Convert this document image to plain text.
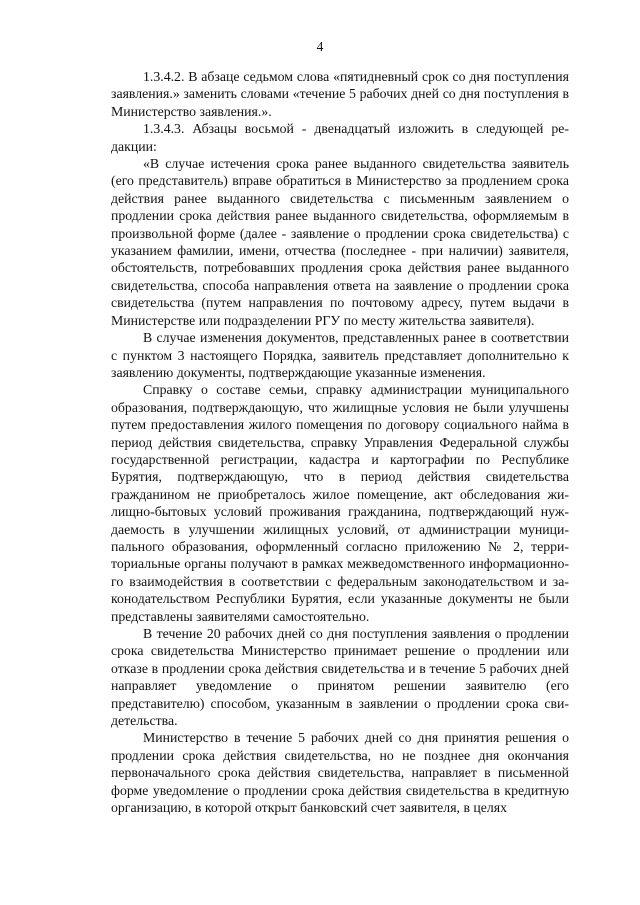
4

1.3.4.2. В абзаце седьмом слова «пятидневный срок со дня поступления заявления.» заменить словами «течение 5 рабочих дней со дня поступления в Министерство заявления.».

1.3.4.3. Абзацы восьмой - двенадцатый изложить в следующей редакции:

«В случае истечения срока ранее выданного свидетельства заявитель (его представитель) вправе обратиться в Министерство за продлением срока действия ранее выданного свидетельства с письменным заявлением о продлении срока действия ранее выданного свидетельства, оформляемым в произвольной форме (далее - заявление о продлении срока свидетельства) с указанием фамилии, имени, отчества (последнее - при наличии) заявителя, обстоятельств, потребовавших продления срока действия ранее выданного свидетельства, способа направления ответа на заявление о продлении срока свидетельства (путем направления по почтовому адресу, путем выдачи в Министерстве или подразделении РГУ по месту жительства заявителя).

В случае изменения документов, представленных ранее в соответствии с пунктом 3 настоящего Порядка, заявитель представляет дополнительно к заявлению документы, подтверждающие указанные изменения.

Справку о составе семьи, справку администрации муниципального образования, подтверждающую, что жилищные условия не были улучшены путем предоставления жилого помещения по договору социального найма в период действия свидетельства, справку Управления Федеральной службы государственной регистрации, кадастра и картографии по Республике Бурятия, подтверждающую, что в период действия свидетельства гражданином не приобреталось жилое помещение, акт обследования жилищно-бытовых условий проживания гражданина, подтверждающий нуждаемость в улучшении жилищных условий, от администрации муниципального образования, оформленный согласно приложению № 2, территориальные органы получают в рамках межведомственного информационного взаимодействия в соответствии с федеральным законодательством и законодательством Республики Бурятия, если указанные документы не были представлены заявителями самостоятельно.

В течение 20 рабочих дней со дня поступления заявления о продлении срока свидетельства Министерство принимает решение о продлении или отказе в продлении срока действия свидетельства и в течение 5 рабочих дней направляет уведомление о принятом решении заявителю (его представителю) способом, указанным в заявлении о продлении срока свидетельства.

Министерство в течение 5 рабочих дней со дня принятия решения о продлении срока действия свидетельства, но не позднее дня окончания первоначального срока действия свидетельства, направляет в письменной форме уведомление о продлении срока действия свидетельства в кредитную организацию, в которой открыт банковский счет заявителя, в целях
